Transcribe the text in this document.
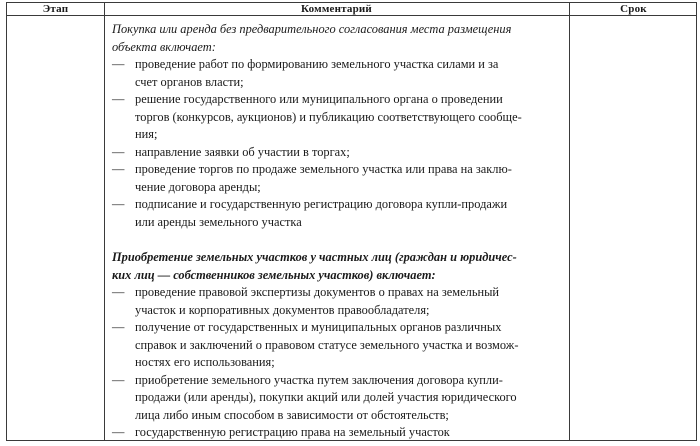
Этап	Комментарий	Срок
Покупка или аренда без предварительного согласования места размещения
объекта включает:
— проведение работ по формированию земельного участка силами и за
счет органов власти;
— решение государственного или муниципального органа о проведении
торгов (конкурсов, аукционов) и публикацию соответствующего сообще-
ния;
— направление заявки об участии в торгах;
— проведение торгов по продаже земельного участка или права на заклю-
чение договора аренды;
— подписание и государственную регистрацию договора купли-продажи
или аренды земельного участка
Приобретение земельных участков у частных лиц (граждан и юридичес-
ких лиц — собственников земельных участков) включает:
— проведение правовой экспертизы документов о правах на земельный
участок и корпоративных документов правообладателя;
— получение от государственных и муниципальных органов различных
справок и заключений о правовом статусе земельного участка и возмож-
ностях его использования;
— приобретение земельного участка путем заключения договора купли-
продажи (или аренды), покупки акций или долей участия юридического
лица либо иным способом в зависимости от обстоятельств;
— государственную регистрацию права на земельный участок
